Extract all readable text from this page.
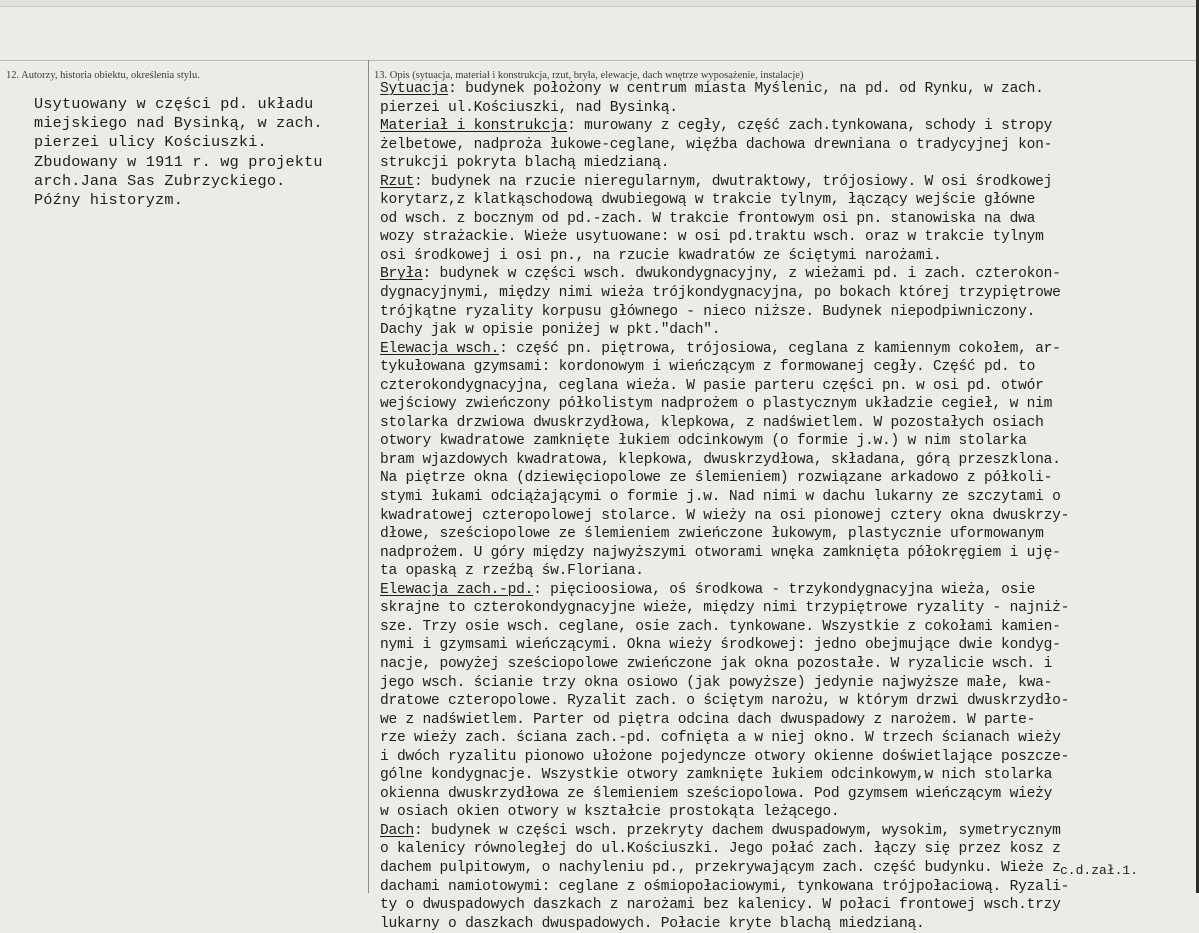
12. Autorzy, historia obiektu, określenia stylu.	13. Opis (sytuacja, materiał i konstrukcja, rzut, bryła, elewacje, dach wnętrze wyposażenie, instalacje)
Usytuowany w części pd. układu
miejskiego nad Bysinką, w zach.
pierzei ulicy Kościuszki.
Zbudowany w 1911 r. wg projektu
arch.Jana Sas Zubrzyckiego.
Późny historyzm.
Sytuacja: budynek położony w centrum miasta Myślenic, na pd. od Rynku, w zach.
pierzei ul.Kościuszki, nad Bysinką.
Materiał i konstrukcja: murowany z cegły, część zach.tynkowana, schody i stropy
żelbetowe, nadproża łukowe-ceglane, więźba dachowa drewniana o tradycyjnej kon-
strukcji pokryta blachą miedzianą.
Rzut: budynek na rzucie nieregularnym, dwutraktowy, trójosiowy. W osi środkowej
korytarz,z klatkąschodową dwubiegową w trakcie tylnym, łączący wejście główne
od wsch. z bocznym od pd.-zach. W trakcie frontowym osi pn. stanowiska na dwa
wozy strażackie. Wieże usytuowane: w osi pd.traktu wsch. oraz w trakcie tylnym
osi środkowej i osi pn., na rzucie kwadratów ze ściętymi narożami.
Bryła: budynek w części wsch. dwukondygnacyjny, z wieżami pd. i zach. czterokon-
dygnacyjnymi, między nimi wieża trójkondygnacyjna, po bokach której trzypiętrowe
trójkątne ryzality korpusu głównego - nieco niższe. Budynek niepodpiwniczony.
Dachy jak w opisie poniżej w pkt."dach".
Elewacja wsch.: część pn. piętrowa, trójosiowa, ceglana z kamiennym cokołem, ar-
tykułowana gzymsami: kordonowym i wieńczącym z formowanej cegły. Część pd. to
czterokondygnacyjna, ceglana wieża. W pasie parteru części pn. w osi pd. otwór
wejściowy zwieńczony półkolistym nadprożem o plastycznym układzie cegieł, w nim
stolarka drzwiowa dwuskrzydłowa, klepkowa, z nadświetlem. W pozostałych osiach
otwory kwadratowe zamknięte łukiem odcinkowym (o formie j.w.) w nim stolarka
bram wjazdowych kwadratowa, klepkowa, dwuskrzydłowa, składana, górą przeszklona.
Na piętrze okna (dziewięciopolowe ze ślemieniem) rozwiązane arkadowo z półkoli-
stymi łukami odciążającymi o formie j.w. Nad nimi w dachu lukarny ze szczytami o
kwadratowej czteropolowej stolarce. W wieży na osi pionowej cztery okna dwuskrzy-
dłowe, sześciopolowe ze ślemieniem zwieńczone łukowym, plastycznie uformowanym
nadprożem. U góry między najwyższymi otworami wnęka zamknięta półokręgiem i uję-
ta opaską z rzeźbą św.Floriana.
Elewacja zach.-pd.: pięcioosiowa, oś środkowa - trzykondygnacyjna wieża, osie
skrajne to czterokondygnacyjne wieże, między nimi trzypiętrowe ryzality - najniż-
sze. Trzy osie wsch. ceglane, osie zach. tynkowane. Wszystkie z cokołami kamien-
nymi i gzymsami wieńczącymi. Okna wieży środkowej: jedno obejmujące dwie kondyg-
nacje, powyżej sześciopolowe zwieńczone jak okna pozostałe. W ryzalicie wsch. i
jego wsch. ścianie trzy okna osiowo (jak powyższe) jedynie najwyższe małe, kwa-
dratowe czteropolowe. Ryzalit zach. o ściętym narożu, w którym drzwi dwuskrzydło-
we z nadświetlem. Parter od piętra odcina dach dwuspadowy z narożem. W parte-
rze wieży zach. ściana zach.-pd. cofnięta a w niej okno. W trzech ścianach wieży
i dwóch ryzalitu pionowo ułożone pojedyncze otwory okienne doświetlające poszcze-
gólne kondygnacje. Wszystkie otwory zamknięte łukiem odcinkowym,w nich stolarka
okienna dwuskrzydłowa ze ślemieniem sześciopolowa. Pod gzymsem wieńczącym wieży
w osiach okien otwory w kształcie prostokąta leżącego.
Dach: budynek w części wsch. przekryty dachem dwuspadowym, wysokim, symetrycznym
o kalenicy równoległej do ul.Kościuszki. Jego połać zach. łączy się przez kosz z
dachem pulpitowym, o nachyleniu pd., przekrywającym zach. część budynku. Wieże z
dachami namiotowymi: ceglane z ośmiopołaciowymi, tynkowana trójpołaciową. Ryzali-
ty o dwuspadowych daszkach z narożami bez kalenicy. W połaci frontowej wsch.trzy
lukarny o daszkach dwuspadowych. Połacie kryte blachą miedzianą.
c.d.zał.1.
